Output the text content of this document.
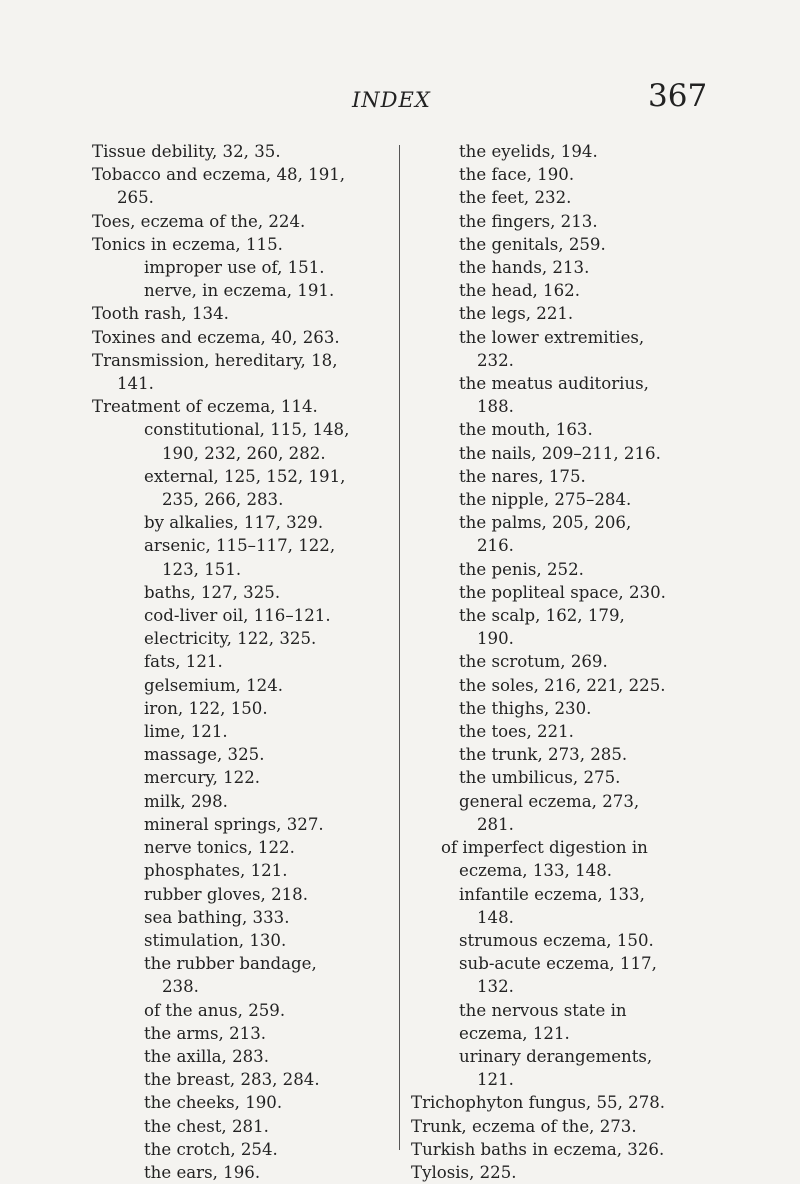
INDEX	367
Tissue debility, 32, 35.
Tobacco and eczema, 48, 191,
265.
Toes, eczema of the, 224.
Tonics in eczema, 115.
improper use of, 151.
nerve, in eczema, 191.
Tooth rash, 134.
Toxines and eczema, 40, 263.
Transmission, hereditary, 18,
141.
Treatment of eczema, 114.
constitutional, 115, 148,
190, 232, 260, 282.
external, 125, 152, 191,
235, 266, 283.
by alkalies, 117, 329.
arsenic, 115–117, 122,
123, 151.
baths, 127, 325.
cod-liver oil, 116–121.
electricity, 122, 325.
fats, 121.
gelsemium, 124.
iron, 122, 150.
lime, 121.
massage, 325.
mercury, 122.
milk, 298.
mineral springs, 327.
nerve tonics, 122.
phosphates, 121.
rubber gloves, 218.
sea bathing, 333.
stimulation, 130.
the rubber bandage,
238.
of the anus, 259.
the arms, 213.
the axilla, 283.
the breast, 283, 284.
the cheeks, 190.
the chest, 281.
the crotch, 254.
the ears, 196.
the eyelids, 194.
the face, 190.
the feet, 232.
the fingers, 213.
the genitals, 259.
the hands, 213.
the head, 162.
the legs, 221.
the lower extremities,
232.
the meatus auditorius,
188.
the mouth, 163.
the nails, 209–211, 216.
the nares, 175.
the nipple, 275–284.
the palms, 205, 206,
216.
the penis, 252.
the popliteal space, 230.
the scalp, 162, 179,
190.
the scrotum, 269.
the soles, 216, 221, 225.
the thighs, 230.
the toes, 221.
the trunk, 273, 285.
the umbilicus, 275.
general eczema, 273,
281.
of imperfect digestion in
eczema, 133, 148.
infantile eczema, 133,
148.
strumous eczema, 150.
sub-acute eczema, 117,
132.
the nervous state in
eczema, 121.
urinary derangements,
121.
Trichophyton fungus, 55, 278.
Trunk, eczema of the, 273.
Turkish baths in eczema, 326.
Tylosis, 225.
